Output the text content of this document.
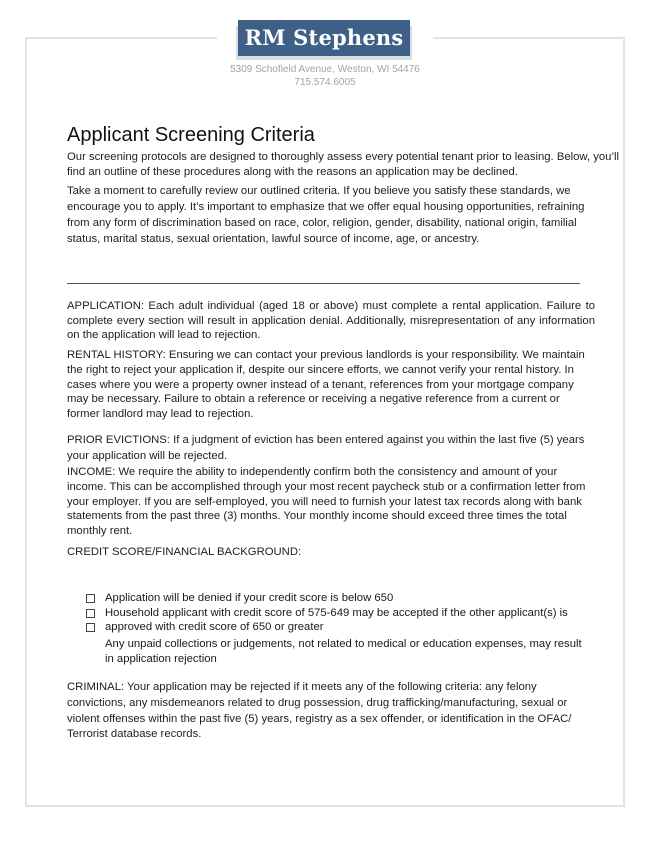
RM Stephens
5309 Schofield Avenue, Weston, WI 54476
715.574.6005
Applicant Screening Criteria

Our screening protocols are designed to thoroughly assess every potential tenant prior to leasing. Below, you’ll find an outline of these procedures along with the reasons an application may be declined.

Take a moment to carefully review our outlined criteria. If you believe you satisfy these standards, we encourage you to apply. It’s important to emphasize that we offer equal housing opportunities, refraining from any form of discrimination based on race, color, religion, gender, disability, national origin, familial status, marital status, sexual orientation, lawful source of income, age, or ancestry.

APPLICATION: Each adult individual (aged 18 or above) must complete a rental application. Failure to complete every section will result in application denial. Additionally, misrepresentation of any information on the application will lead to rejection.

RENTAL HISTORY: Ensuring we can contact your previous landlords is your responsibility. We maintain the right to reject your application if, despite our sincere efforts, we cannot verify your rental history. In cases where you were a property owner instead of a tenant, references from your mortgage company may be necessary. Failure to obtain a reference or receiving a negative reference from a current or former landlord may lead to rejection.

PRIOR EVICTIONS: If a judgment of eviction has been entered against you within the last five (5) years your application will be rejected.

INCOME: We require the ability to independently confirm both the consistency and amount of your income. This can be accomplished through your most recent paycheck stub or a confirmation letter from your employer. If you are self-employed, you will need to furnish your latest tax records along with bank statements from the past three (3) months. Your monthly income should exceed three times the total monthly rent.

CREDIT SCORE/FINANCIAL BACKGROUND:

Application will be denied if your credit score is below 650
Household applicant with credit score of 575-649 may be accepted if the other applicant(s) is
approved with credit score of 650 or greater

Any unpaid collections or judgements, not related to medical or education expenses, may result in application rejection

CRIMINAL: Your application may be rejected if it meets any of the following criteria: any felony convictions, any misdemeanors related to drug possession, drug trafficking/manufacturing, sexual or violent offenses within the past five (5) years, registry as a sex offender, or identification in the OFAC/ Terrorist database records.
